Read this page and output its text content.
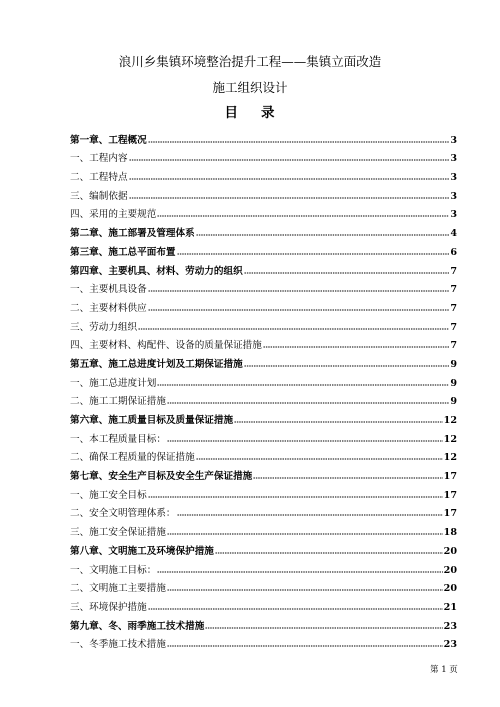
浪川乡集镇环境整治提升工程——集镇立面改造
施工组织设计
目 录
第一章、工程概况	3
一、工程内容	3
二、工程特点	3
三、编制依据	3
四、采用的主要规范	3
第二章、施工部署及管理体系	4
第三章、施工总平面布置	6
第四章、主要机具、材料、劳动力的组织	7
一、主要机具设备	7
二、主要材料供应	7
三、劳动力组织	7
四、主要材料、构配件、设备的质量保证措施	7
第五章、施工总进度计划及工期保证措施	9
一、施工总进度计划	9
二、施工工期保证措施	9
第六章、施工质量目标及质量保证措施	12
一、本工程质量目标：	12
二、确保工程质量的保证措施	12
第七章、安全生产目标及安全生产保证措施	17
一、施工安全目标	17
二、安全文明管理体系：	17
三、施工安全保证措施	18
第八章、文明施工及环境保护措施	20
一、文明施工目标：	20
二、文明施工主要措施	20
三、环境保护措施	21
第九章、冬、雨季施工技术措施	23
一、冬季施工技术措施	23
第 1 页
